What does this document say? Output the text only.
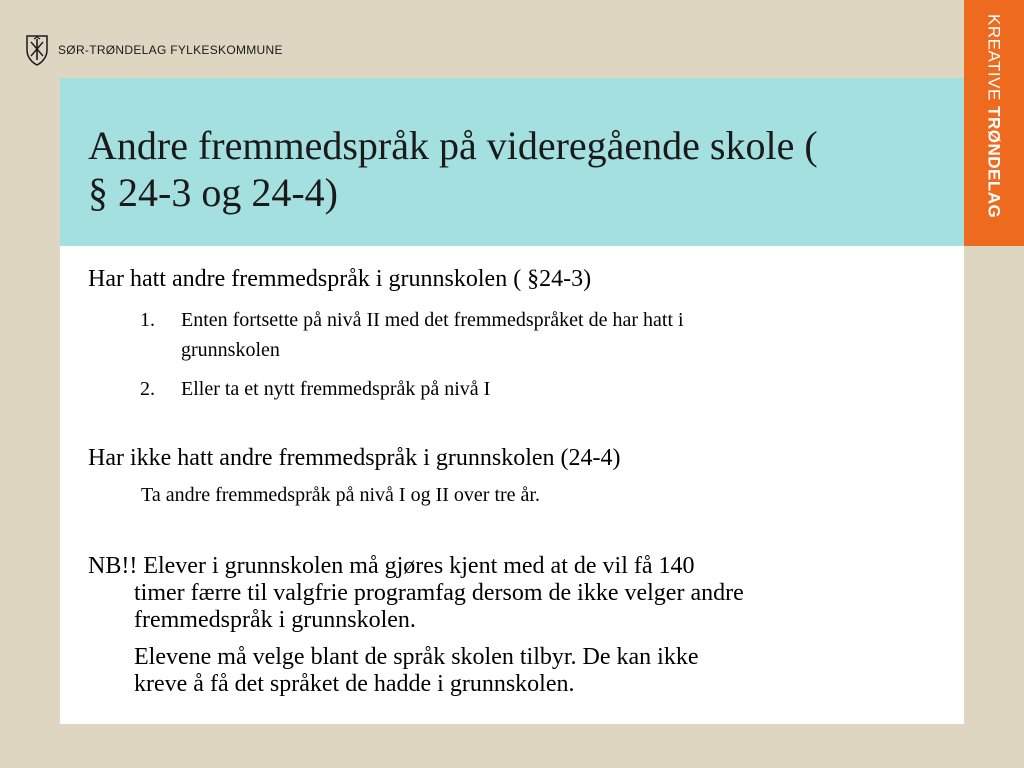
SØR-TRØNDELAG FYLKESKOMMUNE	KREATIVE TRØNDELAG
Andre fremmedspråk på videregående skole (
§ 24-3 og 24-4)

Har hatt andre fremmedspråk i grunnskolen ( §24-3)

1. Enten fortsette på nivå II med det fremmedspråket de har hatt i

grunnskolen

2. Eller ta et nytt fremmedspråk på nivå I

Har ikke hatt andre fremmedspråk i grunnskolen (24-4)

Ta andre fremmedspråk på nivå I og II over tre år.

NB!! Elever i grunnskolen må gjøres kjent med at de vil få 140

timer færre til valgfrie programfag dersom de ikke velger andre

fremmedspråk i grunnskolen.

Elevene må velge blant de språk skolen tilbyr. De kan ikke

kreve å få det språket de hadde i grunnskolen.
